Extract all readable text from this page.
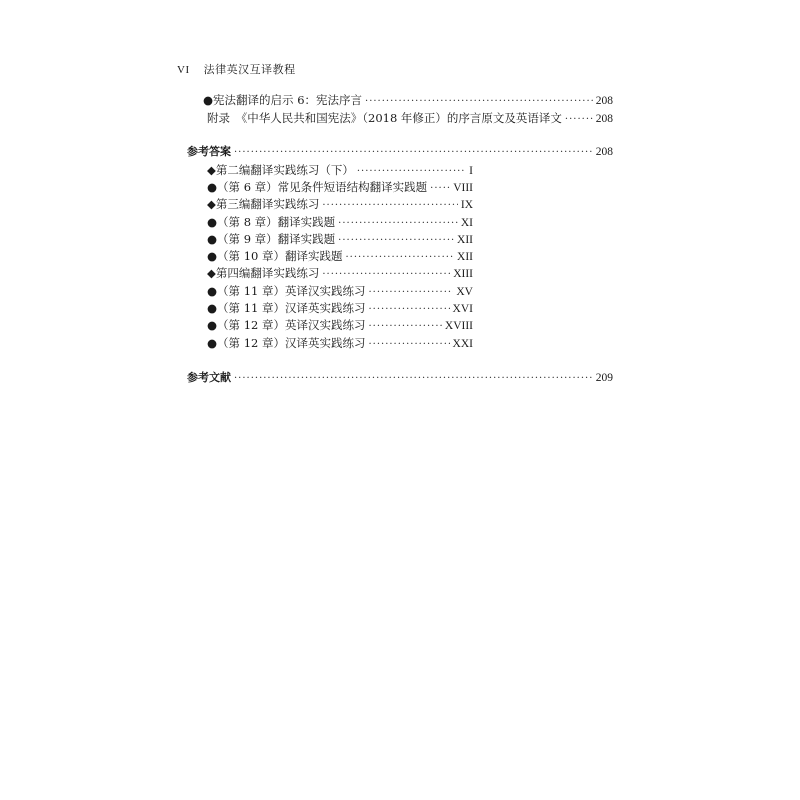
VI 法律英汉互译教程
●宪法翻译的启示 6：宪法序言 ·····	208
附录　《中华人民共和国宪法》（2018 年修正）的序言原文及英语译文 ·····	208
参考答案 ·····	208
◆第二编翻译实践练习（下） ·····	I
●（第 6 章）常见条件短语结构翻译实践题 ····· VIII
◆第三编翻译实践练习 ·····	IX
●（第 8 章）翻译实践题 ·····	XI
●（第 9 章）翻译实践题 ·····	XII
●（第 10 章）翻译实践题 ·····	XII
◆第四编翻译实践练习 ·····	XIII
●（第 11 章）英译汉实践练习 ·····	XV
●（第 11 章）汉译英实践练习 ·····	XVI
●（第 12 章）英译汉实践练习 ·····	XVIII
●（第 12 章）汉译英实践练习 ·····	XXI
参考文献 ·····	209
